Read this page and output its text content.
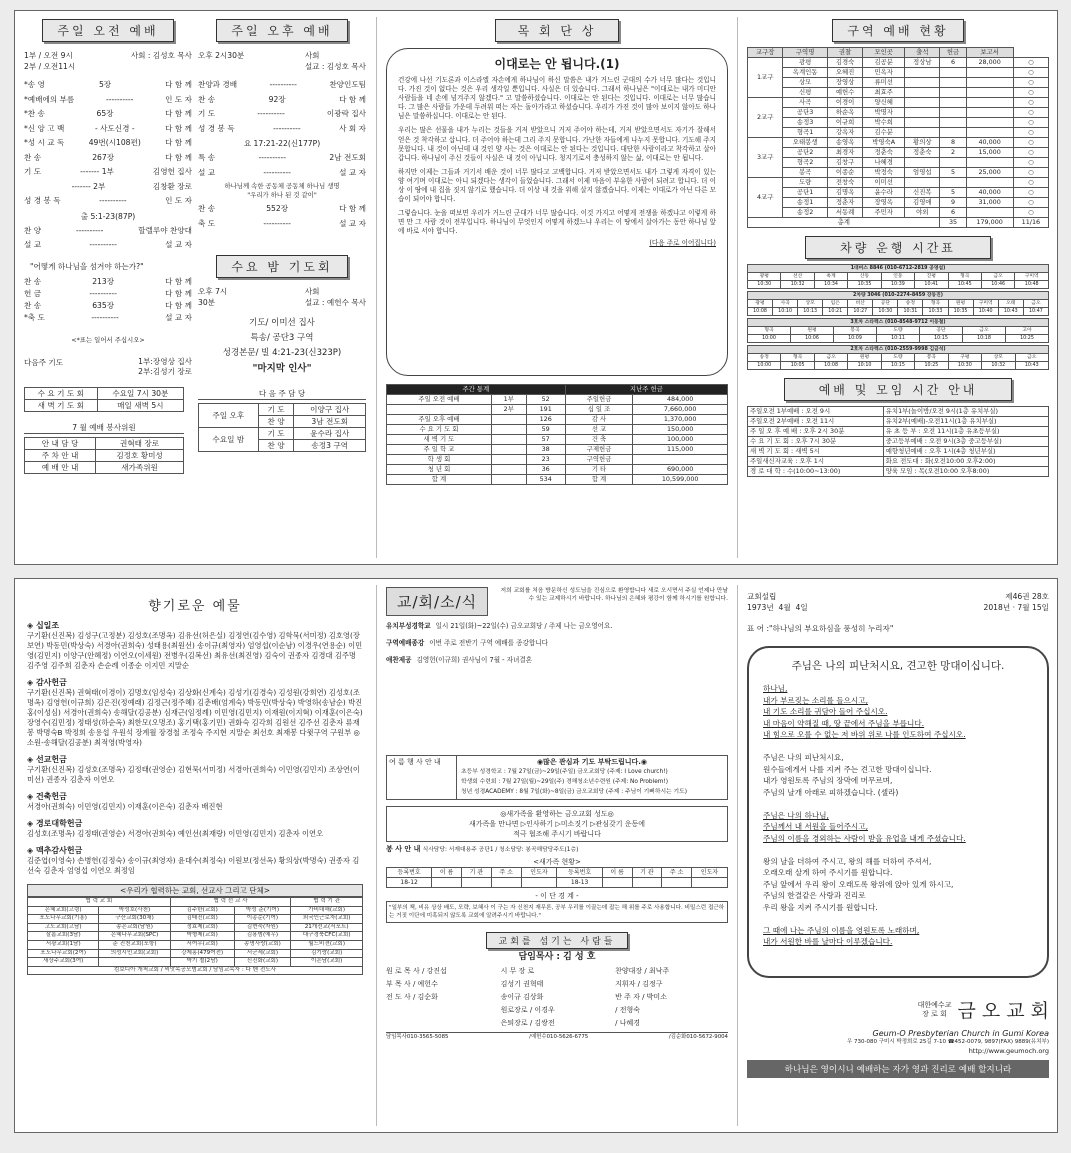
주일 오전 예배
1부 / 오전 9시
2부 / 오전11시
사회 : 김성호 목사
*송 영	5장	다 함 께
*예배에의 부름	----------	인 도 자
*찬 송	65장	다 함 께
*신 앙 고 백	- 사도신경 -	다 함 께
*성 시 교 독	49번(시108편)	다 함 께
찬 송	267장	다 함 께
기 도	------- 1부	김영헌 집사
------- 2부	김창환 장로
성 경 봉 독	----------	인 도 자
출 5:1-23(87P)
찬 양	----------	할렐루야 찬양대
설 교	----------	설 교 자
"어떻게 하나님을 섬겨야 하는가?"
찬 송	213장	다 함 께
헌 금	----------	다 함 께
찬 송	635장	다 함 께
*축 도	----------	설 교 자
<*표는 일어서 주십시오>
다음주 기도	1부:장영상 집사
2부:김성기 장로
수 요 기 도 회	수요일 7시 30분
새 벽 기 도 회	매일 새벽 5시
7 월 예배 봉사위원
안 내 담 당	권혁태 장로
주 차 안 내	김정호 황미성
예 배 안 내	새가족위원
주일 오후 예배
오후 2시30분	사회
설교 : 김성호 목사
찬양과 경배	----------	찬양인도팀
찬 송	92장	다 함 께
기 도	----------	이광락 집사
성 경 봉 독	----------	사 회 자
요 17:21-22(신177P)
특 송	----------	2남 전도회
설 교	----------	설 교 자
하나님께 속한 공동체 공동체 하나님 생명
"우리가 하나 된 것 같이"
찬 송	552장	다 함 께
축 도	----------	설 교 자
수요 밤 기도회
오후 7시
30분
사회
설교 : 예헌수 목사
기도/ 이미선 집사
특송/ 공단3 구역
성경본문/ 빌 4:21-23(신323P)
"마지막 인사"
다 음 주 담 당
주일 오후	기 도	이양구 집사
	찬 양	3남 전도회
수요일 밤	기 도	윤수라 집사
	찬 양	송정3 구역
목 회 단 상
이대로는 안 됩니다.(1)

건강에 나선 기도론과 이스라엘 자손에게 하나님이 하신 말씀은 내가 거느린 군대의 수가 너무 많다는 것입니다. 가진 것이 없다는 것은 우리 생각일 뿐입니다. 사실은 더 있습니다. 그래서 하나님은 "이대로는 내가 미디안 사람들을 네 손에 넘겨주지 않겠다." 고 말씀하셨습니다. 이대로는 안 된다는 것입니다. 이대로는 너무 많습니다. 그 많은 사람들 가운데 두려워 떠는 자는 돌아가라고 하셨습니다. 우리가 가진 것이 많아 보이지 않아도 하나님은 말씀하십니다. 이대로는 안 된다.

우리는 많은 선물을 내가 누리는 것들을 거저 받았으니 거저 주어야 하는데, 거저 받았으면서도 자기가 잘해서 얻은 것 착각하고 삽니다. 더 주어야 하는데 그리 주지 못합니다. 가난한 자들에게 나누지 못합니다. 기도해 주지 못합니다. 내 것이 아닌데 내 것인 양 사는 것은 이대로는 안 된다는 것입니다. 대단한 사람이라고 착각하고 살아갑니다. 하나님이 주신 것들이 사실은 내 것이 아닙니다. 청지기로서 충성하지 않는 삶, 이대로는 안 됩니다.

하지만 이제는 그들과 거기서 배운 것이 너무 많다고 고백합니다. 거저 받았으면서도 내가 그렇게 자격이 있는 양 여기며 이대로는 아니 되겠다는 생각이 들었습니다. 그래서 이제 마음이 부유한 사람이 되려고 합니다. 더 이상 이 땅에 내 집을 짓지 않기로 했습니다. 더 이상 내 것을 위해 살지 않겠습니다. 이제는 이대로가 아닌 다른 모습이 되어야 합니다.

그렇습니다. 눈을 떠보면 우리가 거느린 군대가 너무 많습니다. 이것 가지고 어떻게 전쟁을 하겠냐고 이렇게 하면 만 그 사람 것이 전부입니다. 하나님이 무엇인지 어떻게 하겠느냐 우리는 이 땅에서 살아가는 동안 하나님 앞에 바로 서야 합니다.

(다음 주로 이어집니다)
주간 통계			지난주 헌금	
주일 오전 예배	1부	52	주일헌금	484,000
	2부	191	십 일 조	7,660,000
주일 오후 예배		126	감 사	1,370,000
수 요 기 도 회		59	선 교	150,000
새 벽 기 도		57	건 축	100,000
주 일 학 교		38	구제헌금	115,000
학 생 회		23	구역헌금	
청 년 회		36	기 타	690,000
합 계		534	합 계	10,599,000
구역 예배 현황
교구장	구역명	권찰	모인곳	출석	헌금	보고서	
1교구	광평	김경숙	김공분	정상남	6	28,000	○
	옥계인동	오혜진	민옥자				○
	상모	장영상	류미선				○
	신평	예헌수	최효주				○
2교구	사곡	이경이	양신혜				○
	공단3	하순옥	박명자				○
	송정3	이규희	박수희				○
	형곡1	강옥자	김수분				○
3교구	오태봉생	송영옥	박영숙A	황의상	8	40,000	○
	공단2	최경자	정춘숙	정춘숙	2	15,000	○
	형곡2	김창구	나혜경				○
	봉곡	이종순	박정숙	엄영섭	5	25,000	○
4교구	도량	전창숙	이미선				○
	공단1	김명옥	윤수라	신진복	5	40,000	○
	송정1	정춘자	장영옥	김영애	9	31,000	○
	송정2	서동례	주민자	야외	6		○
총계					35	179,000	11/16
차량 운행 시간표
1대버스 8846 (010-6712-2819 공영섭)								
광평	선산	옥계	산동	인동	진평	형곡	금오	구미역
10:30	10:32	10:34	10:35	10:39	10:41	10:45	10:46	10:48
2차량 3046 (010-2274-8459 강동진)											
광평	사곡	상모	임은	비산	공단	송정	형곡	원평	구미역	오태	금오
10:08	10:10	10:13	10:21	10:27	10:30	10:31	10:33	10:35	10:40	10:43	10:47
3호차 스타렉스 (010-8548-9712 이동철)						
형곡	원평	봉곡	도량	공단	금오	고아
10:00	10:06	10:09	10:11	10:15	10:18	10:25
2호차 스타렉스 (010-2559-9998 김금석)								
송정	형곡	금오	원평	도량	봉곡	구평	상모	금오
10:00	10:05	10:08	10:10	10:15	10:25	10:30	10:32	10:43
예배 및 모임 시간 안내
주일오전 1부예배 : 오전 9시	유치1부(놀이방/오전 9시(1층 유치부실)
주일오전 2부예배 : 오전 11시	유치2부(예배)-오전11시(1층 유치부실)
주 일 오 후 예 배 : 오후 2시 30분	유 초 등 부 : 오전 11시(1층 유초등부실)
수 요 기 도 회 : 오후 7시 30분	중고등부예배 : 오전 9시(3층 중고등부실)
새 벽 기 도 회 : 새벽 5시	예향청년예배 : 오후 1시(4층 청년부실)
주일새신자교육 : 오후 1시	화요 전도대 : 화(오전10:00 오후2:00)
경 로 대 학 : 수(10:00~13:00)	양육 모임 : 목(오전10:00 오후8:00)
향기로운 예물
◈ 십일조
구기환(신진복) 김성구(고정분) 김성호(조명옥) 김유선(허은실) 김정연(김수영) 김학묵(서미정) 김호영(장보연) 박동민(박상숙) 서경아(권희숙) 성태용(최원선) 송이규(최영자) 엄영섭(이순남) 이경우(연용순) 이민영(김민지) 이양구(안혜정) 이연오(이세원) 전병우(김복선) 최유선(최진영) 김숙이 권종자 김경대 김주명 김주영 김주희 김춘자 손순례 이종순 이지민 지말순
◈ 감사헌금
구기환(신진복) 권혁태(이경이) 김명호(임성숙) 김상화(신계숙) 김성기(김경숙) 김성원(강희연) 김성호(조명옥) 김영헌(이규희) 김은진(정예래) 김정근(정주혜) 김춘배(엄계숙) 박동민(박상숙) 박영하(송남순) 박진홍(이성심) 서경아(권희숙) 송해달(김공분) 심재근(임정례) 이민영(김민지) 이재원(이지혁) 이재훈(이은숙) 장영수(김민정) 정태성(하순옥) 최한모(오명조) 홍기택(홍기민) 권화숙 김각희 김원선 김주선 김춘자 류재봉 박명숙B 박정희 송용섭 우원석 장계월 장경철 조정숙 주지현 지말순 최선호 최재봉 다윗구역 구원부 ◎소원-송해달(김공분) 최적영(박영자)
◈ 선교헌금
구기환(신진복) 김성호(조명옥) 김정태(권영순) 김현묵(서미정) 서경아(권희숙) 이민영(김민지) 조상연(이미선) 권종자 김춘자 이연오
◈ 건축헌금
서경아(권희숙) 이민영(김민지) 이재훈(이은숙) 김춘자 배진현
◈ 경로대학헌금
김성호(조명옥) 김정태(권영순) 서경아(권희숙) 예인선(최재랑) 이민영(김민지) 김춘자 이연오
◈ 맥추감사헌금
김준엽(이영숙) 손병헌(김정숙) 송이규(최영자) 윤대수(최정숙) 이원보(정선옥) 황의상(박명숙) 권종자 김선숙 김춘자 엄영섭 이연오 최정임
<우리가 협력하는 교회, 선교사 그리고 단체>
협 력 교 회		협 력 선 교 사		협 력 기 관
은혜교회(고령)	박성호(사천)	김주한(교회)	박성 준(기여)	가비대해(교회)
포도나무교회(기흥)	구산교회(30채)	김태진(교회)	이종순(기여)	외국인근로자(교회)
고도교회(고남)	송은교회(남원)	정효제(교회)	김현숙(자원)	21개선교(서포트)
살롬교회(3남)	은혜나무교회(SPC)	박형제(교회)	김용범(예우)	대구경북CFC(교회)
서광교회(1남)	준 진천교회(포항)	서여우(교회)	송명사랑(교회)	월드비젼(교회)
포도나무교회(2여)	의성시민교회(교회)	강제홍(479여전)	서군세(교회)	김기랑(교회)
새상주교회(3여)		박기 철(2남)	신진화(교회)	이은남(교회)
컴보디아 개척교회 / 씨앗목공모범교회 / 담임교목자 : 다 벤 전도사				
교/회/소/식
저희 교회를 처음 방문하신 성도님을 진심으로 환영합니다 새로 오시면서 주실 언제나 만날 수 있는 교제하시기 바랍니다. 하나님의 은혜와 평강이 함께 하시기를 원합니다.
유치부성경학교 일시 21일(화)~22일(수) 금오교회당 / 주제 나는 금오영어요.
구역예배종강 이번 주로 전반기 구역 예배를 종강합니다
애찬제공 김영헌(이규희) 권사님이 7월 - 자녀결혼
여 름 행 사 안 내	◉많은 관심과 기도 부탁드립니다.◉
초등부 성경학교 : 7월 27일(금)~29일(주일) 금오교회당 (주제: I Love church!)
학생회 수련회 : 7월 27일(월)~29일(주) 경해청소년수련원 (주제: No Problem!)
청년 성경ACADEMY : 8월 7일(화)~8일(금) 금오교회당 (주제 : 주님이 기뻐하시는 기도)
◎새가족을 환영하는 금오교회 성도◎
새가족을 만나면 ▷인사하기 ▷미소짓기 ▷관심갖기 운동에
적극 협조해 주시기 바랍니다
봉 사 안 내 식사담당: 서재대용주 공단1 / 청소담당: 봉곡해담당주도(1층)
<새가족 현황>
등록번호	이 름	기 관	주 소	인도자	등록번호	이 름	기 관	주 소	인도자
18-12					18-13				
- 이 단 경 계 -
"일부의 책, 비유 상상 배도, 모략, 보혜사 이 구는 자 신천지 재무론, 공부 우리를 이끌는데 잡는 해 위를 주로 사용합니다. 비밀스런 접근하는 거짓 이단에 미혹되지 않도록 교회에 알려주시기 바랍니다."
교회를 섬기는 사람들
담임목사 : 김 성 호
원 로 목 사 / 강진섭	시 무 장 로	찬양대장 / 최낙주
부 목 사 / 예헌수	김성기 권혁태	지휘자 / 김정구
전 도 사 / 김순화	송이규 김상화	반 주 자 / 박미소
원로장로 / 이경우	/ 전형숙
은퇴장로 / 김쌍전	/ 나혜경
담임목사010-3565-5085	/예헌수010-5626-6775	/김순화010-5672-9004
교회설립
1973년  4월  4일
제46권 28호
2018년 · 7월 15일
표 어 :"하나님의 부요하심을 풍성히 누리자"
주님은 나의 피난처시요, 견고한 망대이십니다.
하나님,
내가 부르짖는 소리를 들으시고,
내 기도 소리를 귀담아 들어 주십시오.
내 마음이 약해질 때, 땅 끝에서 주님을 부릅니다.
내 힘으로 오를 수 없는 저 바위 위로 나를 인도하여 주십시오.

주님은 나의 피난처시요,
원수들에게서 나를 지켜 주는 견고한 망대이십니다.
내가 영원토록 주님의 장막에 머무르며,
주님의 날개 아래로 피하겠습니다. (셀라)

주님은 나의 하나님,
주님께서 내 서원을 들어주시고,
주님의 이름을 경외하는 사람이 받을 유업을 내게 주셨습니다.

왕의 날을 더하여 주시고, 왕의 해를 더하여 주셔서,
오래오래 살게 하여 주시기를 원합니다.
주님 앞에서 우리 왕이 오래도록 왕위에 앉아 있게 하시고,
주님의 한결같은 사랑과 진리로
우리 왕을 지켜 주시기를 원합니다.

그 때에 나는 주님의 이름을 영원토록 노래하며,
내가 서원한 바를 날마다 이루겠습니다.
대한예수교
장 로 회 금 오 교 회
Geum-O Presbyterian Church in Gumi Korea
우 730-080 구미시 박정희로 25길 7-10 ☎452-0079, 9897(FAX) 9889(유치부)
http://www.geumoch.org
하나님은 영이시니 예배하는 자가 영과 진리로 예배 할지니라
